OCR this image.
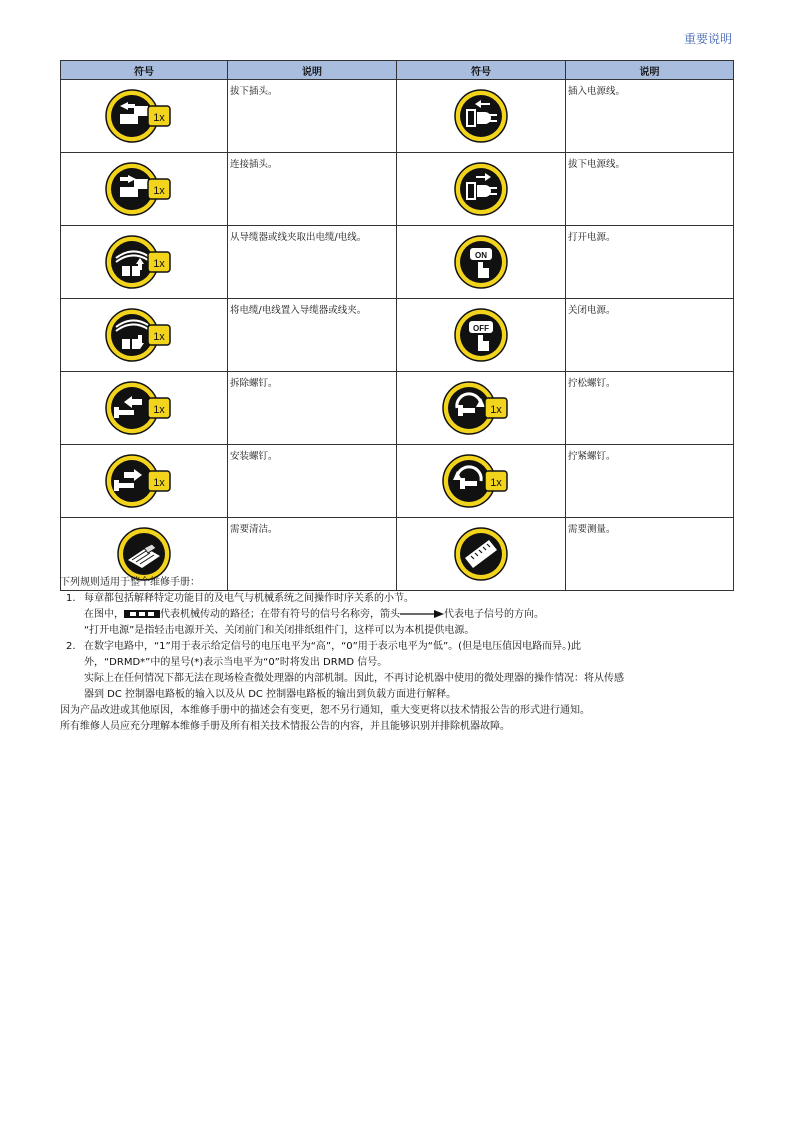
重要说明
符号	说明	符号	说明

1x	拔下插头。		插入电源线。

1x	连接插头。		拔下电源线。

1x	从导缆器或线夹取出电缆/电线。	ON	打开电源。

1x	将电缆/电线置入导缆器或线夹。	OFF	关闭电源。

1x	拆除螺钉。	1x	拧松螺钉。

1x	安装螺钉。	1x	拧紧螺钉。

	需要清洁。		需要测量。

下列规则适用于整个维修手册：

1. 每章都包括解释特定功能目的及电气与机械系统之间操作时序关系的小节。

在图中，	代表机械传动的路径；在带有符号的信号名称旁，箭头	代表电子信号的方向。

“打开电源”是指轻击电源开关、关闭前门和关闭排纸组件门，这样可以为本机提供电源。

2. 在数字电路中，“1”用于表示给定信号的电压电平为“高”，“0”用于表示电平为“低”。(但是电压值因电路而异。)此

外，“DRMD*”中的星号(*)表示当电平为“0”时将发出 DRMD 信号。

实际上在任何情况下都无法在现场检查微处理器的内部机制。因此，不再讨论机器中使用的微处理器的操作情况：将从传感

器到 DC 控制器电路板的输入以及从 DC 控制器电路板的输出到负载方面进行解释。

因为产品改进或其他原因，本维修手册中的描述会有变更，恕不另行通知，重大变更将以技术情报公告的形式进行通知。

所有维修人员应充分理解本维修手册及所有相关技术情报公告的内容，并且能够识别并排除机器故障。
